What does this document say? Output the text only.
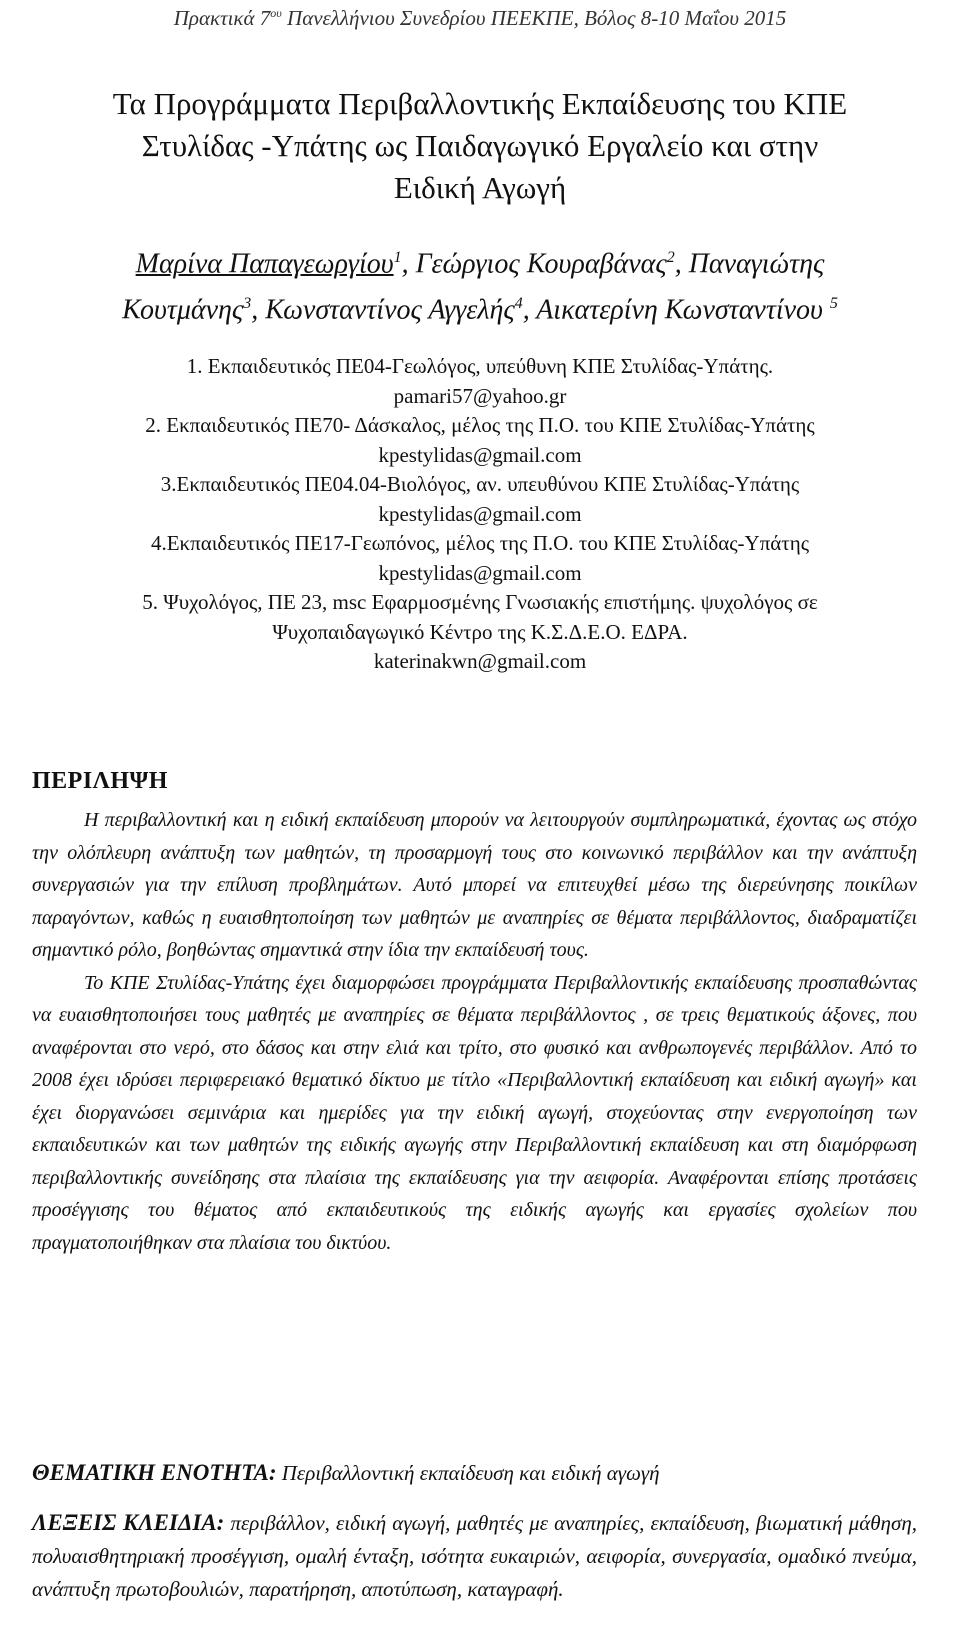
Πρακτικά $7^{o\upsilon}$ Πανελλήνιου Συνεδρίου ΠΕΕΚΠΕ, Βόλος 8-10 Μαΐου 2015
Τα Προγράμματα Περιβαλλοντικής Εκπαίδευσης του ΚΠΕ
Στυλίδας -Υπάτης ως Παιδαγωγικό Εργαλείο και στην
Ειδική Αγωγή
Μαρίνα Παπαγεωργίου$^1$, Γεώργιος Κουραβάνας$^2$, Παναγιώτης
Κουτμάνης$^3$, Κωνσταντίνος Αγγελής$^4$, Αικατερίνη Κωνσταντίνου $^5$
1. Εκπαιδευτικός ΠΕ04-Γεωλόγος, υπεύθυνη ΚΠΕ Στυλίδας-Υπάτης.
pamari57@yahoo.gr
2. Εκπαιδευτικός ΠΕ70- Δάσκαλος, μέλος της Π.Ο. του ΚΠΕ Στυλίδας-Υπάτης
kpestylidas@gmail.com
3.Εκπαιδευτικός ΠΕ04.04-Βιολόγος, αν. υπευθύνου ΚΠΕ Στυλίδας-Υπάτης
kpestylidas@gmail.com
4.Εκπαιδευτικός ΠΕ17-Γεωπόνος, μέλος της Π.Ο. του ΚΠΕ Στυλίδας-Υπάτης
kpestylidas@gmail.com
5. Ψυχολόγος, ΠΕ 23, msc Εφαρμοσμένης Γνωσιακής επιστήμης. ψυχολόγος σε
Ψυχοπαιδαγωγικό Κέντρο της Κ.Σ.Δ.Ε.Ο. ΕΔΡΑ.
katerinakwn@gmail.com
ΠΕΡΙΛΗΨΗ

Η περιβαλλοντική και η ειδική εκπαίδευση μπορούν να λειτουργούν συμπληρωματικά, έχοντας ως στόχο την ολόπλευρη ανάπτυξη των μαθητών, τη προσαρμογή τους στο κοινωνικό περιβάλλον και την ανάπτυξη συνεργασιών για την επίλυση προβλημάτων. Αυτό μπορεί να επιτευχθεί μέσω της διερεύνησης ποικίλων παραγόντων, καθώς η ευαισθητοποίηση των μαθητών με αναπηρίες σε θέματα περιβάλλοντος, διαδραματίζει σημαντικό ρόλο, βοηθώντας σημαντικά στην ίδια την εκπαίδευσή τους.

Το ΚΠΕ Στυλίδας-Υπάτης έχει διαμορφώσει προγράμματα Περιβαλλοντικής εκπαίδευσης προσπαθώντας να ευαισθητοποιήσει τους μαθητές με αναπηρίες σε θέματα περιβάλλοντος , σε τρεις θεματικούς άξονες, που αναφέρονται στο νερό, στο δάσος και στην ελιά και τρίτο, στο φυσικό και ανθρωπογενές περιβάλλον. Από το 2008 έχει ιδρύσει περιφερειακό θεματικό δίκτυο με τίτλο «Περιβαλλοντική εκπαίδευση και ειδική αγωγή» και έχει διοργανώσει σεμινάρια και ημερίδες για την ειδική αγωγή, στοχεύοντας στην ενεργοποίηση των εκπαιδευτικών και των μαθητών της ειδικής αγωγής στην Περιβαλλοντική εκπαίδευση και στη διαμόρφωση περιβαλλοντικής συνείδησης στα πλαίσια της εκπαίδευσης για την αειφορία. Αναφέρονται επίσης προτάσεις προσέγγισης του θέματος από εκπαιδευτικούς της ειδικής αγωγής και εργασίες σχολείων που πραγματοποιήθηκαν στα πλαίσια του δικτύου.

ΘΕΜΑΤΙΚΗ ΕΝΟΤΗΤΑ: Περιβαλλοντική εκπαίδευση και ειδική αγωγή
ΛΕΞΕΙΣ ΚΛΕΙΔΙΑ: περιβάλλον, ειδική αγωγή, μαθητές με αναπηρίες, εκπαίδευση, βιωματική μάθηση, πολυαισθητηριακή προσέγγιση, ομαλή ένταξη, ισότητα ευκαιριών, αειφορία, συνεργασία, ομαδικό πνεύμα, ανάπτυξη πρωτοβουλιών, παρατήρηση, αποτύπωση, καταγραφή.
